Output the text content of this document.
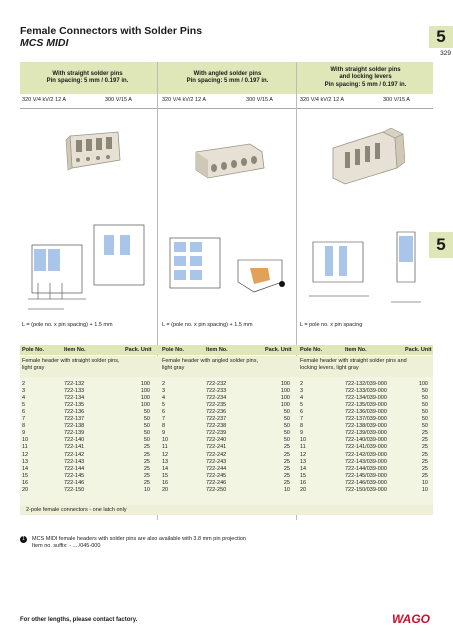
Female Connectors with Solder Pins
MCS MIDI	5
329
5
With straight solder pins
Pin spacing: 5 mm / 0.197 in.
With angled solder pins
Pin spacing: 5 mm / 0.197 in.
With straight solder pins
and locking levers
Pin spacing: 5 mm / 0.197 in.
320 V/4 kV/2 12 A	300 V/15 A	320 V/4 kV/2 12 A	300 V/15 A	320 V/4 kV/2 12 A	300 V/15 A
L = (pole no. x pin spacing) + 1.5 mm	L = (pole no. x pin spacing) + 1.5 mm	L = pole no. x pin spacing
Pole No.	Item No.	Pack. Unit Pole No.	Item No.	Pack. Unit Pole No.	Item No.	Pack. Unit
Female header with straight solder pins,
light gray
Female header with angled solder pins,
light gray
Female header with straight solder pins and
locking levers, light gray
2	722-132	100
3	722-133	100
4	722-134	100
5	722-135	100
6	722-136	50
7	722-137	50
8	722-138	50
9	722-139	50
10	722-140	50
11	722-141	25
12	722-142	25
13	722-143	25
14	722-144	25
15	722-145	25
16	722-146	25
20	722-150	10
2	722-232	100
3	722-233	100
4	722-234	100
5	722-235	100
6	722-236	50
7	722-237	50
8	722-238	50
9	722-239	50
10	722-240	50
11	722-241	25
12	722-242	25
13	722-243	25
14	722-244	25
15	722-245	25
16	722-246	25
20	722-250	10
2	722-132/039-000	100
3	722-133/039-000	50
4	722-134/039-000	50
5	722-135/039-000	50
6	722-136/039-000	50
7	722-137/039-000	50
8	722-138/039-000	50
9	722-139/039-000	25
10	722-140/039-000	25
11	722-141/039-000	25
12	722-142/039-000	25
13	722-143/039-000	25
14	722-144/039-000	25
15	722-145/039-000	25
16	722-146/039-000	10
20	722-150/039-000	10
2-pole female connectors - one latch only
1	MCS MIDI female headers with solder pins are also available with 3.8 mm pin projection
Item no. suffix: - ... /045-000
For other lengths, please contact factory.	WAGO
